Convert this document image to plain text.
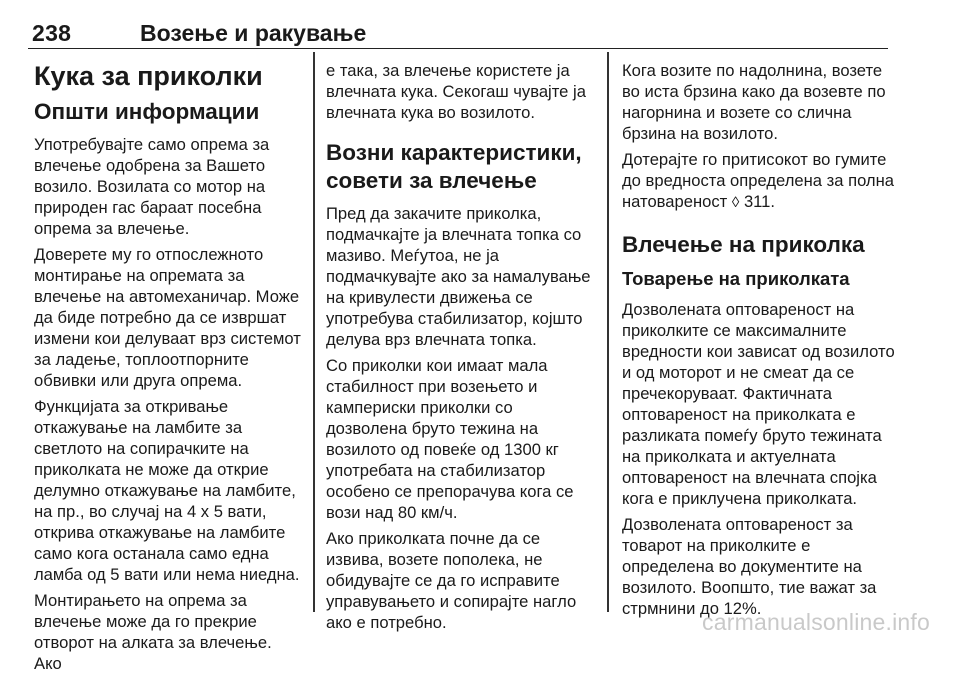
238	Возење и ракување
Кука за приколки
Општи информации

Употребувајте само опрема за влечење одобрена за Вашето возило. Возилата со мотор на природен гас бараат посебна опрема за влечење.

Доверете му го отпослежното монтирање на опремата за влечење на автомеханичар. Може да биде потребно да се извршат измени кои делуваат врз системот за ладење, топлоотпорните обвивки или друга опрема.

Функцијата за откривање откажување на ламбите за светлото на сопирачките на приколката не може да открие делумно откажување на ламбите, на пр., во случај на 4 x 5 вати, открива откажување на ламбите само кога останала само една ламба од 5 вати или нема ниедна.

Монтирањето на опрема за влечење може да го прекрие отворот на алката за влечење. Ако

е така, за влечење користете ја влечната кука. Секогаш чувајте ја влечната кука во возилото.

Возни карактеристики, совети за влечење

Пред да закачите приколка, подмачкајте ја влечната топка со мазиво. Меѓутоа, не ја подмачкувајте ако за намалување на кривулести движења се употребува стабилизатор, којшто делува врз влечната топка.

Со приколки кои имаат мала стабилност при возењето и кампериски приколки со дозволена бруто тежина на возилото од повеќе од 1300 кг употребата на стабилизатор особено се препорачува кога се вози над 80 км/ч.

Ако приколката почне да се извива, возете пополека, не обидувајте се да го исправите управувањето и сопирајте нагло ако е потребно.

Кога возите по надолнина, возете во иста брзина како да возевте по нагорнина и возете со слична брзина на возилото.

Дотерајте го притисокот во гумите до вредноста определена за полна натовареност ◊ 311.

Влечење на приколка
Товарење на приколката

Дозволената оптовареност на приколките се максималните вредности кои зависат од возилото и од моторот и не смеат да се пречекоруваат. Фактичната оптовареност на приколката е разликата помеѓу бруто тежината на приколката и актуелната оптовареност на влечната спојка кога е приклучена приколката.

Дозволената оптовареност за товарот на приколките е определена во документите на возилото. Воопшто, тие важат за стрмнини до 12%.

carmanualsonline.info
